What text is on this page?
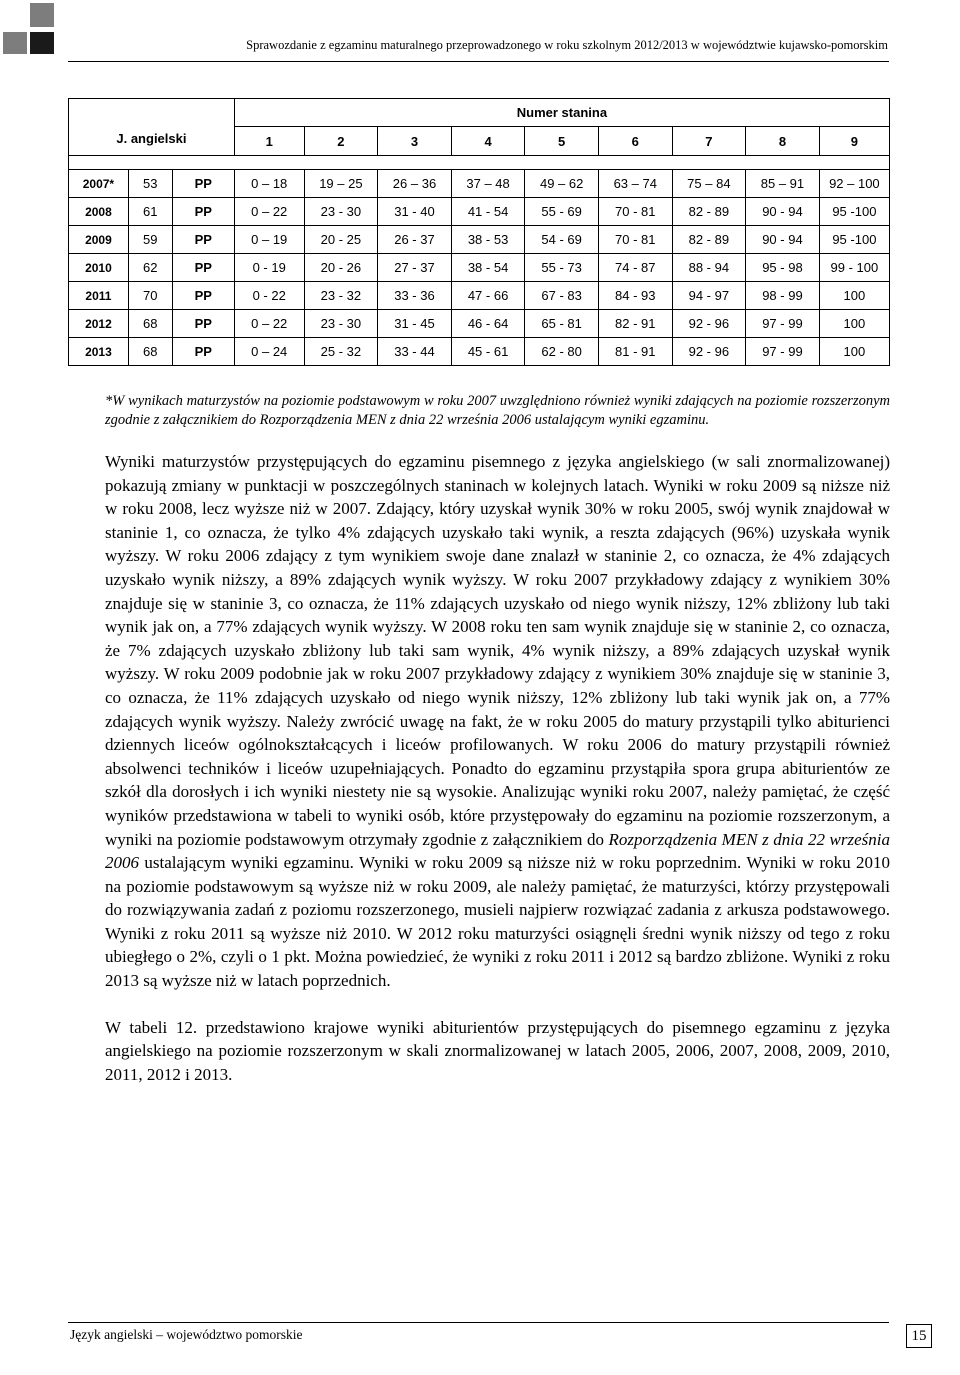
Sprawozdanie z egzaminu maturalnego przeprowadzonego w roku szkolnym 2012/2013 w województwie kujawsko-pomorskim
J. angielski			Numer stanina								
			1	2	3	4	5	6	7	8	9

2007*	53	PP	0 – 18	19 – 25	26 – 36	37 – 48	49 – 62	63 – 74	75 – 84	85 – 91	92 – 100
2008	61	PP	0 – 22	23 - 30	31 - 40	41 - 54	55 - 69	70 - 81	82 - 89	90 - 94	95 -100
2009	59	PP	0 – 19	20 - 25	26 - 37	38 - 53	54 - 69	70 - 81	82 - 89	90 - 94	95 -100
2010	62	PP	0 - 19	20 - 26	27 - 37	38 - 54	55 - 73	74 - 87	88 - 94	95 - 98	99 - 100
2011	70	PP	0 - 22	23 - 32	33 - 36	47 - 66	67 - 83	84 - 93	94 - 97	98 - 99	100
2012	68	PP	0 – 22	23 - 30	31 - 45	46 - 64	65 - 81	82 - 91	92 - 96	97 - 99	100
2013	68	PP	0 – 24	25 - 32	33 - 44	45 - 61	62 - 80	81 - 91	92 - 96	97 - 99	100
*W wynikach maturzystów na poziomie podstawowym w roku 2007 uwzględniono również wyniki zdających na poziomie rozszerzonym zgodnie z załącznikiem do Rozporządzenia MEN z dnia 22 września 2006 ustalającym wyniki egzaminu.

Wyniki maturzystów przystępujących do egzaminu pisemnego z języka angielskiego (w sali znormalizowanej) pokazują zmiany w punktacji w poszczególnych staninach w kolejnych latach. Wyniki w roku 2009 są niższe niż w roku 2008, lecz wyższe niż w 2007. Zdający, który uzyskał wynik 30% w roku 2005, swój wynik znajdował w staninie 1, co oznacza, że tylko 4% zdających uzyskało taki wynik, a reszta zdających (96%) uzyskała wynik wyższy. W roku 2006 zdający z tym wynikiem swoje dane znalazł w staninie 2, co oznacza, że 4% zdających uzyskało wynik niższy, a 89% zdających wynik wyższy. W roku 2007 przykładowy zdający z wynikiem 30% znajduje się w staninie 3, co oznacza, że 11% zdających uzyskało od niego wynik niższy, 12% zbliżony lub taki wynik jak on, a 77% zdających wynik wyższy. W 2008 roku ten sam wynik znajduje się w staninie 2, co oznacza, że 7% zdających uzyskało zbliżony lub taki sam wynik, 4% wynik niższy, a 89% zdających uzyskał wynik wyższy. W roku 2009 podobnie jak w roku 2007 przykładowy zdający z wynikiem 30% znajduje się w staninie 3, co oznacza, że 11% zdających uzyskało od niego wynik niższy, 12% zbliżony lub taki wynik jak on, a 77% zdających wynik wyższy. Należy zwrócić uwagę na fakt, że w roku 2005 do matury przystąpili tylko abiturienci dziennych liceów ogólnokształcących i liceów profilowanych. W roku 2006 do matury przystąpili również absolwenci techników i liceów uzupełniających. Ponadto do egzaminu przystąpiła spora grupa abiturientów ze szkół dla dorosłych i ich wyniki niestety nie są wysokie. Analizując wyniki roku 2007, należy pamiętać, że część wyników przedstawiona w tabeli to wyniki osób, które przystępowały do egzaminu na poziomie rozszerzonym, a wyniki na poziomie podstawowym otrzymały zgodnie z załącznikiem do Rozporządzenia MEN z dnia 22 września 2006 ustalającym wyniki egzaminu. Wyniki w roku 2009 są niższe niż w roku poprzednim. Wyniki w roku 2010 na poziomie podstawowym są wyższe niż w roku 2009, ale należy pamiętać, że maturzyści, którzy przystępowali do rozwiązywania zadań z poziomu rozszerzonego, musieli najpierw rozwiązać zadania z arkusza podstawowego. Wyniki z roku 2011 są wyższe niż 2010. W 2012 roku maturzyści osiągnęli średni wynik niższy od tego z roku ubiegłego o 2%, czyli o 1 pkt. Można powiedzieć, że wyniki z roku 2011 i 2012 są bardzo zbliżone. Wyniki z roku 2013 są wyższe niż w latach poprzednich.

W tabeli 12. przedstawiono krajowe wyniki abiturientów przystępujących do pisemnego egzaminu z języka angielskiego na poziomie rozszerzonym w skali znormalizowanej w latach 2005, 2006, 2007, 2008, 2009, 2010, 2011, 2012 i 2013.

Język angielski – województwo pomorskie	15
